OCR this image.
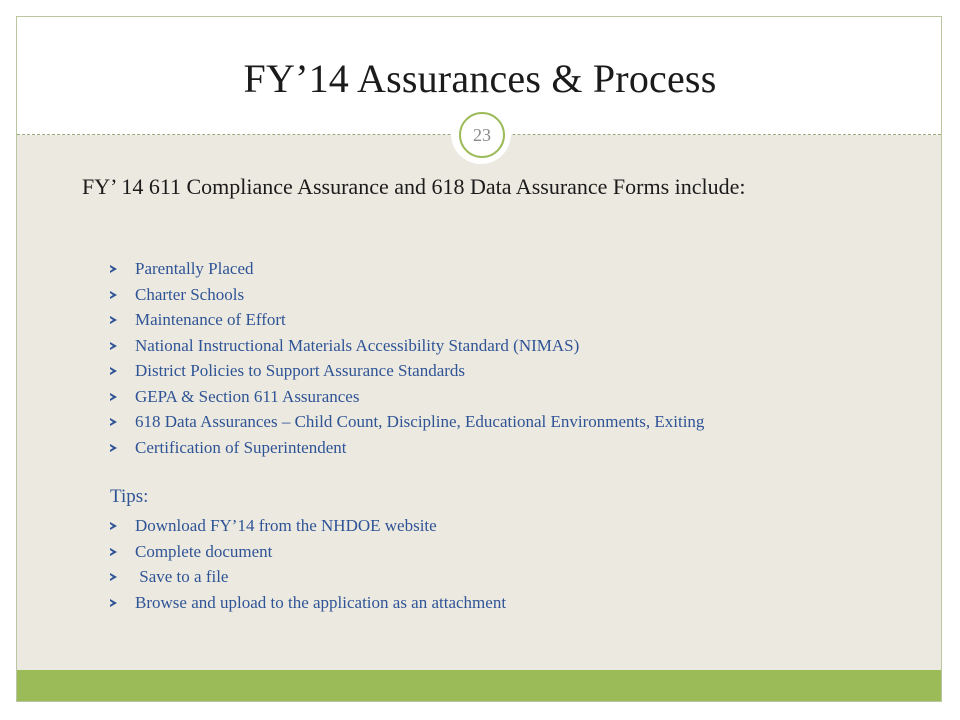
FY’14 Assurances & Process
23

FY’ 14 611 Compliance Assurance and 618 Data Assurance Forms include:

Parentally Placed
Charter Schools
Maintenance of Effort
National Instructional Materials Accessibility Standard (NIMAS)
District Policies to Support Assurance Standards
GEPA & Section 611 Assurances
618 Data Assurances – Child Count, Discipline, Educational Environments, Exiting
Certification of Superintendent

Tips:

Download FY’14 from the NHDOE website
Complete document
Save to a file
Browse and upload to the application as an attachment
